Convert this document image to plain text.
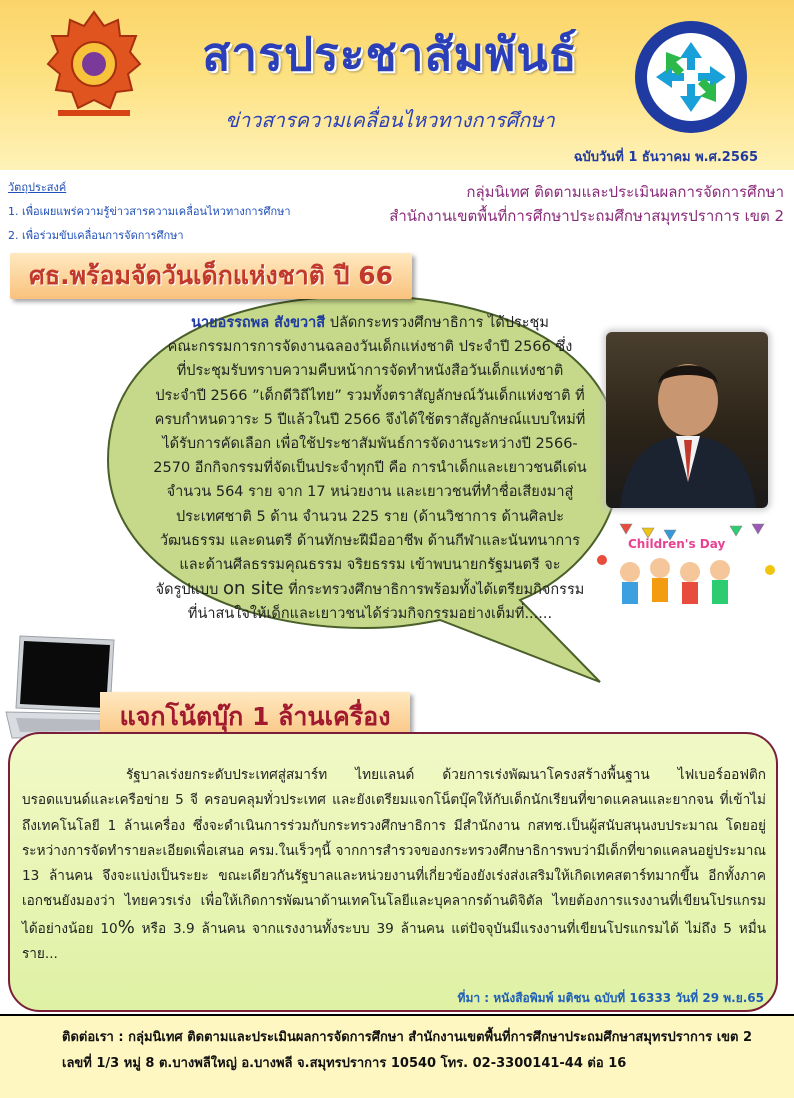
สารประชาสัมพันธ์
ข่าวสารความเคลื่อนไหวทางการศึกษา
ฉบับวันที่ 1 ธันวาคม พ.ศ.2565
วัตถุประสงค์
1. เพื่อเผยแพร่ความรู้ข่าวสารความเคลื่อนไหวทางการศึกษา
2. เพื่อร่วมขับเคลื่อนการจัดการศึกษา
กลุ่มนิเทศ ติดตามและประเมินผลการจัดการศึกษา
สำนักงานเขตพื้นที่การศึกษาประถมศึกษาสมุทรปราการ เขต 2
ศธ.พร้อมจัดวันเด็กแห่งชาติ ปี 66
นายอรรถพล สังขวาสี ปลัดกระทรวงศึกษาธิการ ได้ประชุม
คณะกรรมการการจัดงานฉลองวันเด็กแห่งชาติ ประจำปี 2566 ซึ่ง
ที่ประชุมรับทราบความคืบหน้าการจัดทำหนังสือวันเด็กแห่งชาติ
ประจำปี 2566 ”เด็กดีวิถีไทย” รวมทั้งตราสัญลักษณ์วันเด็กแห่งชาติ ที่
ครบกำหนดวาระ 5 ปีแล้วในปี 2566 จึงได้ใช้ตราสัญลักษณ์แบบใหม่ที่
ได้รับการคัดเลือก เพื่อใช้ประชาสัมพันธ์การจัดงานระหว่างปี 2566-
2570 อีกกิจกรรมที่จัดเป็นประจำทุกปี คือ การนำเด็กและเยาวชนดีเด่น
จำนวน 564 ราย จาก 17 หน่วยงาน และเยาวชนที่ทำชื่อเสียงมาสู่
ประเทศชาติ 5 ด้าน จำนวน 225 ราย (ด้านวิชาการ ด้านศิลปะ
วัฒนธรรม และดนตรี ด้านทักษะฝีมืออาชีพ ด้านกีฬาและนันทนาการ
และด้านศีลธรรมคุณธรรม จริยธรรม เข้าพบนายกรัฐมนตรี จะ
จัดรูปแบบ on site ที่กระทรวงศึกษาธิการพร้อมทั้งได้เตรียมกิจกรรม
ที่น่าสนใจให้เด็กและเยาวชนได้ร่วมกิจกรรมอย่างเต็มที่......
Children's Day
แจกโน้ตบุ๊ก 1 ล้านเครื่อง
รัฐบาลเร่งยกระดับประเทศสู่สมาร์ท ไทยแลนด์ ด้วยการเร่งพัฒนาโครงสร้างพื้นฐาน ไฟเบอร์ออฟติก บรอดแบนด์และเครือข่าย 5 จี ครอบคลุมทั่วประเทศ และยังเตรียมแจกโน็ตบุ๊คให้กับเด็กนักเรียนที่ขาดแคลนและยากจน ที่เข้าไม่ถึงเทคโนโลยี 1 ล้านเครื่อง ซึ่งจะดำเนินการร่วมกับกระทรวงศึกษาธิการ มีสำนักงาน กสทช.เป็นผู้สนับสนุนงบประมาณ โดยอยู่ระหว่างการจัดทำรายละเอียดเพื่อเสนอ ครม.ในเร็วๆนี้ จากการสำรวจของกระทรวงศึกษาธิการพบว่ามีเด็กที่ขาดแคลนอยู่ประมาณ 13 ล้านคน จึงจะแบ่งเป็นระยะ ขณะเดียวกันรัฐบาลและหน่วยงานที่เกี่ยวข้องยังเร่งส่งเสริมให้เกิดเทคสตาร์ทมากขึ้น อีกทั้งภาคเอกชนยังมองว่า ไทยควรเร่ง เพื่อให้เกิดการพัฒนาด้านเทคโนโลยีและบุคลากรด้านดิจิตัล ไทยต้องการแรงงานที่เขียนโปรแกรมได้อย่างน้อย 10% หรือ 3.9 ล้านคน จากแรงงานทั้งระบบ 39 ล้านคน แต่ปัจจุบันมีแรงงานที่เขียนโปรแกรมได้ ไม่ถึง 5 หมื่นราย...
ที่มา : หนังสือพิมพ์ มติชน ฉบับที่ 16333 วันที่ 29 พ.ย.65
ติดต่อเรา : กลุ่มนิเทศ ติดตามและประเมินผลการจัดการศึกษา สำนักงานเขตพื้นที่การศึกษาประถมศึกษาสมุทรปราการ เขต 2
เลขที่ 1/3 หมู่ 8 ต.บางพลีใหญ่ อ.บางพลี จ.สมุทรปราการ 10540 โทร. 02-3300141-44 ต่อ 16
